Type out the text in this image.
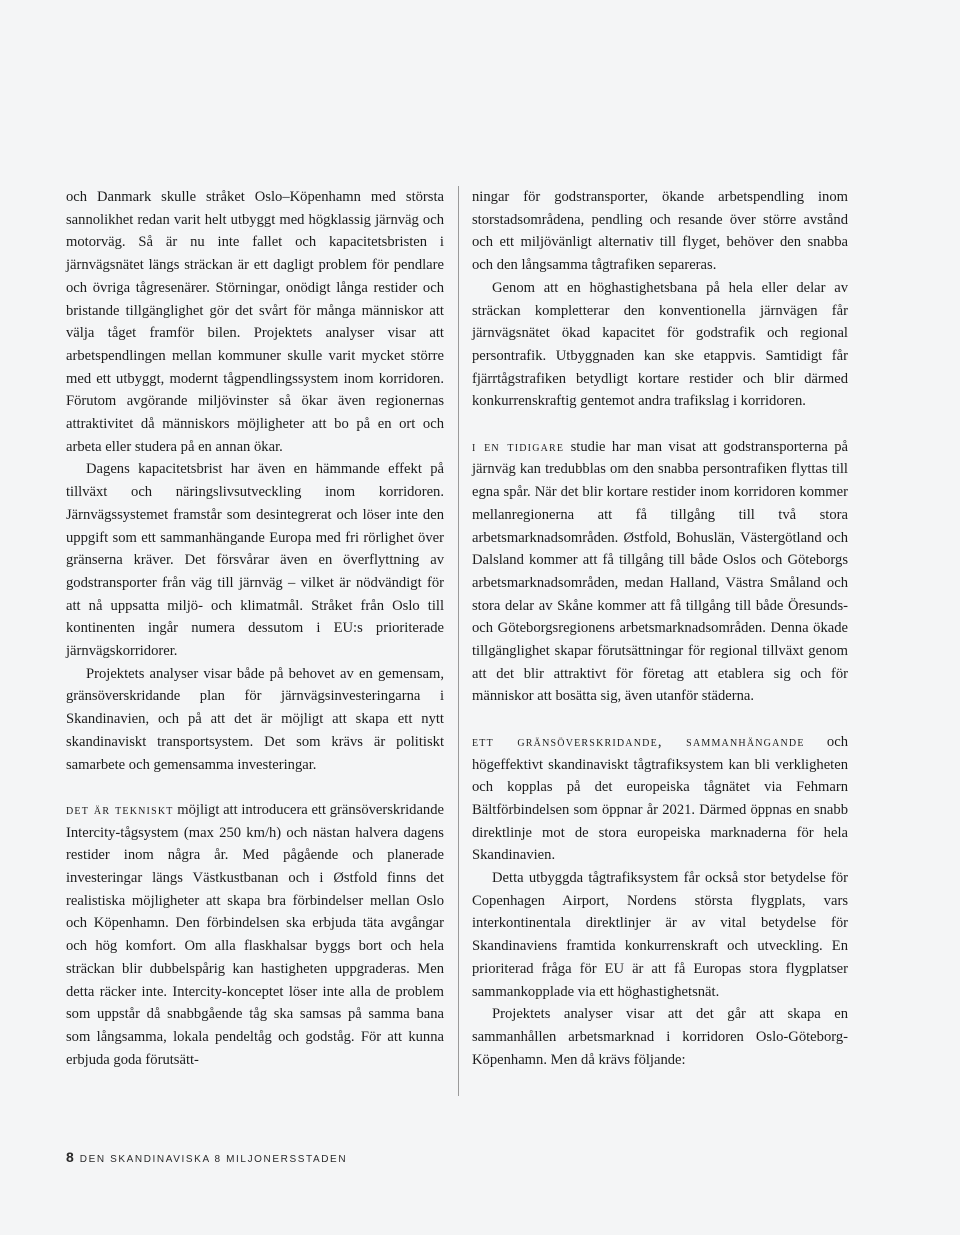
och Danmark skulle stråket Oslo–Köpenhamn med största sannolikhet redan varit helt utbyggt med högklassig järnväg och motorväg. Så är nu inte fallet och kapacitetsbristen i järnvägsnätet längs sträckan är ett dagligt problem för pendlare och övriga tågresenärer. Störningar, onödigt långa restider och bristande tillgänglighet gör det svårt för många människor att välja tåget framför bilen. Projektets analyser visar att arbetspendlingen mellan kommuner skulle varit mycket större med ett utbyggt, modernt tågpendlingssystem inom korridoren. Förutom avgörande miljövinster så ökar även regionernas attraktivitet då människors möjligheter att bo på en ort och arbeta eller studera på en annan ökar.

Dagens kapacitetsbrist har även en hämmande effekt på tillväxt och näringslivsutveckling inom korridoren. Järnvägssystemet framstår som desintegrerat och löser inte den uppgift som ett sammanhängande Europa med fri rörlighet över gränserna kräver. Det försvårar även en överflyttning av godstransporter från väg till järnväg – vilket är nödvändigt för att nå uppsatta miljö- och klimatmål. Stråket från Oslo till kontinenten ingår numera dessutom i EU:s prioriterade järnvägskorridorer.

Projektets analyser visar både på behovet av en gemensam, gränsöverskridande plan för järnvägsinvesteringarna i Skandinavien, och på att det är möjligt att skapa ett nytt skandinaviskt transportsystem. Det som krävs är politiskt samarbete och gemensamma investeringar.

det är tekniskt möjligt att introducera ett gränsöverskridande Intercity-tågsystem (max 250 km/h) och nästan halvera dagens restider inom några år. Med pågående och planerade investeringar längs Västkustbanan och i Østfold finns det realistiska möjligheter att skapa bra förbindelser mellan Oslo och Köpenhamn. Den förbindelsen ska erbjuda täta avgångar och hög komfort. Om alla flaskhalsar byggs bort och hela sträckan blir dubbelspårig kan hastigheten uppgraderas. Men detta räcker inte. Intercity-konceptet löser inte alla de problem som uppstår då snabbgående tåg ska samsas på samma bana som långsamma, lokala pendeltåg och godståg. För att kunna erbjuda goda förutsätt-

ningar för godstransporter, ökande arbetspendling inom storstadsområdena, pendling och resande över större avstånd och ett miljövänligt alternativ till flyget, behöver den snabba och den långsamma tågtrafiken separeras.

Genom att en höghastighetsbana på hela eller delar av sträckan kompletterar den konventionella järnvägen får järnvägsnätet ökad kapacitet för godstrafik och regional persontrafik. Utbyggnaden kan ske etappvis. Samtidigt får fjärrtågstrafiken betydligt kortare restider och blir därmed konkurrenskraftig gentemot andra trafikslag i korridoren.

i en tidigare studie har man visat att godstransporterna på järnväg kan tredubblas om den snabba persontrafiken flyttas till egna spår. När det blir kortare restider inom korridoren kommer mellanregionerna att få tillgång till två stora arbetsmarknadsområden. Østfold, Bohuslän, Västergötland och Dalsland kommer att få tillgång till både Oslos och Göteborgs arbetsmarknadsområden, medan Halland, Västra Småland och stora delar av Skåne kommer att få tillgång till både Öresunds- och Göteborgsregionens arbetsmarknadsområden. Denna ökade tillgänglighet skapar förutsättningar för regional tillväxt genom att det blir attraktivt för företag att etablera sig och för människor att bosätta sig, även utanför städerna.

ett gränsöverskridande, sammanhängande och högeffektivt skandinaviskt tågtrafiksystem kan bli verkligheten och kopplas på det europeiska tågnätet via Fehmarn Bältförbindelsen som öppnar år 2021. Därmed öppnas en snabb direktlinje mot de stora europeiska marknaderna för hela Skandinavien.

Detta utbyggda tågtrafiksystem får också stor betydelse för Copenhagen Airport, Nordens största flygplats, vars interkontinentala direktlinjer är av vital betydelse för Skandinaviens framtida konkurrenskraft och utveckling. En prioriterad fråga för EU är att få Europas stora flygplatser sammankopplade via ett höghastighetsnät.

Projektets analyser visar att det går att skapa en sammanhållen arbetsmarknad i korridoren Oslo-Göteborg-Köpenhamn. Men då krävs följande:

8 DEN SKANDINAVISKA 8 MILJONERSSTADEN
